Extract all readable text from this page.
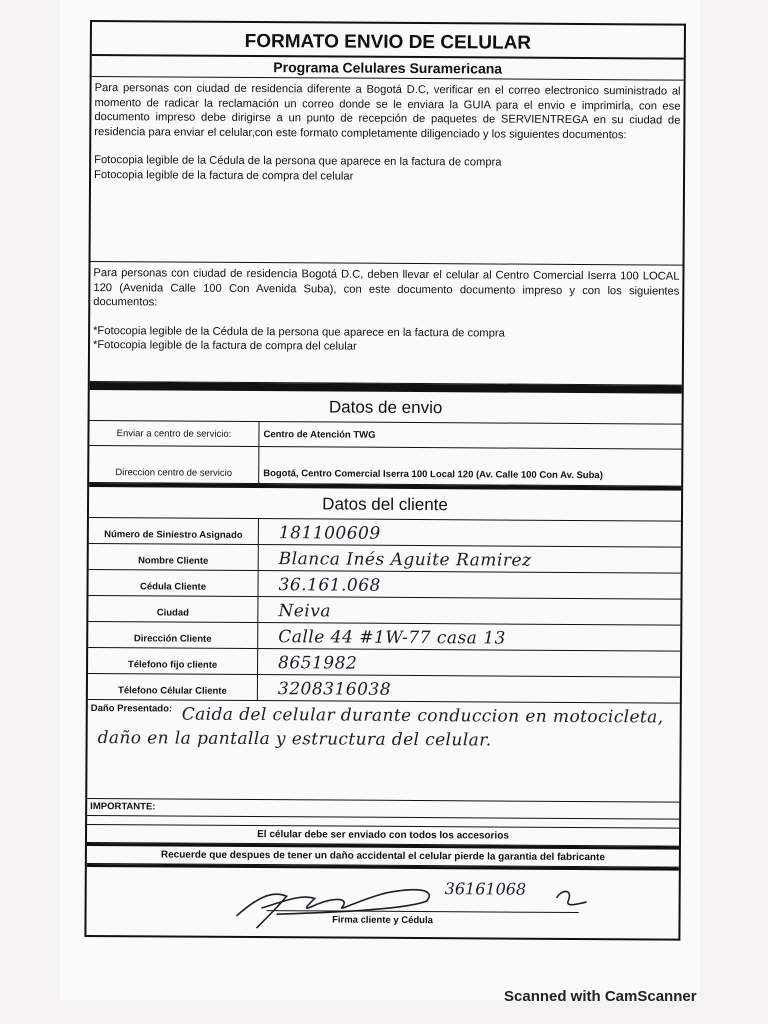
FORMATO ENVIO DE CELULAR
Programa Celulares Suramericana

Para personas con ciudad de residencia diferente a Bogotá D.C, verificar en el correo electronico suministrado al momento de radicar la reclamación un correo donde se le enviara la GUIA para el envio e imprimirla, con ese documento impreso debe dirigirse a un punto de recepción de paquetes de SERVIENTREGA en su ciudad de residencia para enviar el celular,con este formato completamente diligenciado y los siguientes documentos:

Fotocopia legible de la Cédula de la persona que aparece en la factura de compra

Fotocopia legible de la factura de compra del celular

Para personas con ciudad de residencia Bogotá D.C, deben llevar el celular al Centro Comercial Iserra 100 LOCAL 120 (Avenida Calle 100 Con Avenida Suba), con este documento documento impreso y con los siguientes documentos:

*Fotocopia legible de la Cédula de la persona que aparece en la factura de compra

*Fotocopia legible de la factura de compra del celular

Datos de envio
Enviar a centro de servicio:	Centro de Atención TWG
Direccion centro de servicio	Bogotá, Centro Comercial Iserra 100 Local 120 (Av. Calle 100 Con Av. Suba)
Datos del cliente
Número de Siniestro Asignado	181100609
Nombre Cliente	Blanca Inés Aguite Ramirez
Cédula Cliente	36.161.068
Ciudad	Neiva
Dirección Cliente	Calle 44 #1W-77 casa 13
Télefono fijo cliente	8651982
Télefono Célular Cliente	3208316038
Daño Presentado: Caida del celular durante conduccion en motocicleta, daño en la pantalla y estructura del celular.
IMPORTANTE:
El célular debe ser enviado con todos los accesorios
Recuerde que despues de tener un daño accidental el celular pierde la garantia del fabricante
36161068
Firma cliente y Cédula
Scanned with CamScanner
